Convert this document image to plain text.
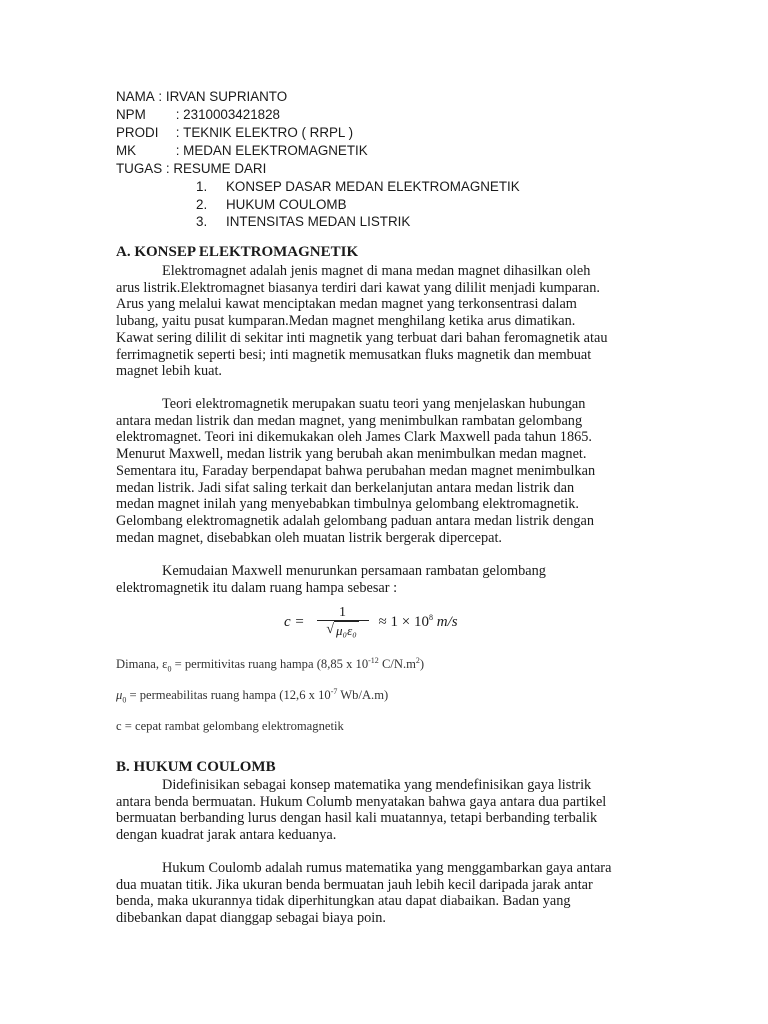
NAMA : IRVAN SUPRIANTO
NPM	: 2310003421828
PRODI	: TEKNIK ELEKTRO ( RRPL )
MK	: MEDAN ELEKTROMAGNETIK
TUGAS : RESUME DARI
1.	KONSEP DASAR MEDAN ELEKTROMAGNETIK
2.	HUKUM COULOMB
3.	INTENSITAS MEDAN LISTRIK
A. KONSEP ELEKTROMAGNETIK
Elektromagnet adalah jenis magnet di mana medan magnet dihasilkan oleh
arus listrik.Elektromagnet biasanya terdiri dari kawat yang dililit menjadi kumparan.
Arus yang melalui kawat menciptakan medan magnet yang terkonsentrasi dalam
lubang, yaitu pusat kumparan.Medan magnet menghilang ketika arus dimatikan.
Kawat sering dililit di sekitar inti magnetik yang terbuat dari bahan feromagnetik atau
ferrimagnetik seperti besi; inti magnetik memusatkan fluks magnetik dan membuat
magnet lebih kuat.
Teori elektromagnetik merupakan suatu teori yang menjelaskan hubungan
antara medan listrik dan medan magnet, yang menimbulkan rambatan gelombang
elektromagnet. Teori ini dikemukakan oleh James Clark Maxwell pada tahun 1865.
Menurut Maxwell, medan listrik yang berubah akan menimbulkan medan magnet.
Sementara itu, Faraday berpendapat bahwa perubahan medan magnet menimbulkan
medan listrik. Jadi sifat saling terkait dan berkelanjutan antara medan listrik dan
medan magnet inilah yang menyebabkan timbulnya gelombang elektromagnetik.
Gelombang elektromagnetik adalah gelombang paduan antara medan listrik dengan
medan magnet, disebabkan oleh muatan listrik bergerak dipercepat.
Kemudaian Maxwell menurunkan persamaan rambatan gelombang
elektromagnetik itu dalam ruang hampa sebesar :
$c = \frac{1}{\text{√ μ₀ε₀}} \approx 1 \times 10^8$ m/s
Dimana, $\varepsilon_0$ = permitivitas ruang hampa (8,85 x $10^{-12}$ $C/N.m^2$)
$\mu_0$ = permeabilitas ruang hampa (12,6 x $10^{-7}$ Wb/A.m)
c = cepat rambat gelombang elektromagnetik
B. HUKUM COULOMB
Didefinisikan sebagai konsep matematika yang mendefinisikan gaya listrik
antara benda bermuatan. Hukum Columb menyatakan bahwa gaya antara dua partikel
bermuatan berbanding lurus dengan hasil kali muatannya, tetapi berbanding terbalik
dengan kuadrat jarak antara keduanya.
Hukum Coulomb adalah rumus matematika yang menggambarkan gaya antara
dua muatan titik. Jika ukuran benda bermuatan jauh lebih kecil daripada jarak antar
benda, maka ukurannya tidak diperhitungkan atau dapat diabaikan. Badan yang
dibebankan dapat dianggap sebagai biaya poin.
